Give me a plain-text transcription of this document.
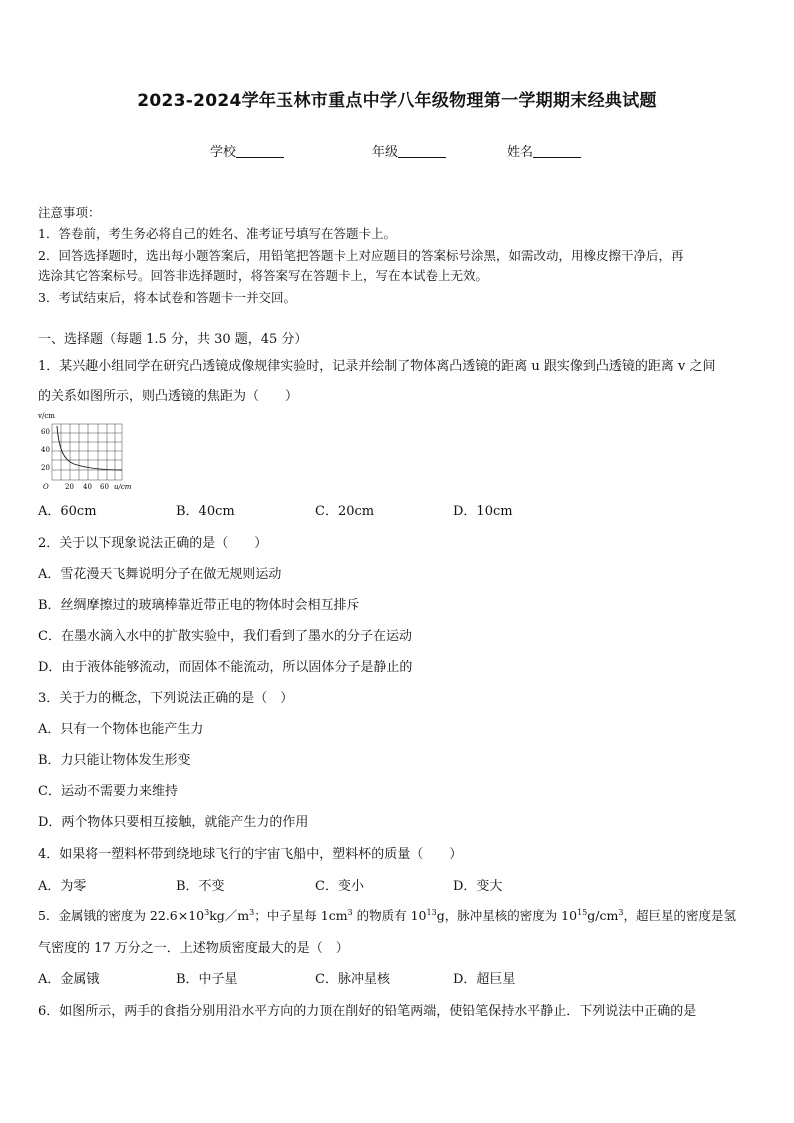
2023-2024学年玉林市重点中学八年级物理第一学期期末经典试题
学校	年级	姓名
注意事项：
1．答卷前，考生务必将自己的姓名、准考证号填写在答题卡上。
2．回答选择题时，选出每小题答案后，用铅笔把答题卡上对应题目的答案标号涂黑，如需改动，用橡皮擦干净后，再
选涂其它答案标号。回答非选择题时，将答案写在答题卡上，写在本试卷上无效。
3．考试结束后，将本试卷和答题卡一并交回。
一、选择题（每题 1.5 分，共 30 题，45 分）
1．某兴趣小组同学在研究凸透镜成像规律实验时，记录并绘制了物体离凸透镜的距离 u 跟实像到凸透镜的距离 v 之间
的关系如图所示，则凸透镜的焦距为（　　）
v/cm
60
40
20
O 20 40 60 u/cm
A．60cm	B．40cm	C．20cm	D．10cm
2．关于以下现象说法正确的是（　　）
A．雪花漫天飞舞说明分子在做无规则运动
B．丝绸摩擦过的玻璃棒靠近带正电的物体时会相互排斥
C．在墨水滴入水中的扩散实验中，我们看到了墨水的分子在运动
D．由于液体能够流动，而固体不能流动，所以固体分子是静止的
3．关于力的概念，下列说法正确的是（　）
A．只有一个物体也能产生力
B．力只能让物体发生形变
C．运动不需要力来维持
D．两个物体只要相互接触，就能产生力的作用
4．如果将一塑料杯带到绕地球飞行的宇宙飞船中，塑料杯的质量（　　）
A．为零	B．不变	C．变小	D．变大
5．金属锇的密度为 $22.6\times 10^3kg/m^3$；中子星每 $1cm^3$ 的物质有 $10^{13}g$，脉冲星核的密度为 $10^{15}g/cm^3$，超巨星的密度是氢
气密度的 17 万分之一．上述物质密度最大的是（　）
A．金属锇	B．中子星	C．脉冲星核	D．超巨星
6．如图所示，两手的食指分别用沿水平方向的力顶在削好的铅笔两端，使铅笔保持水平静止．下列说法中正确的是
